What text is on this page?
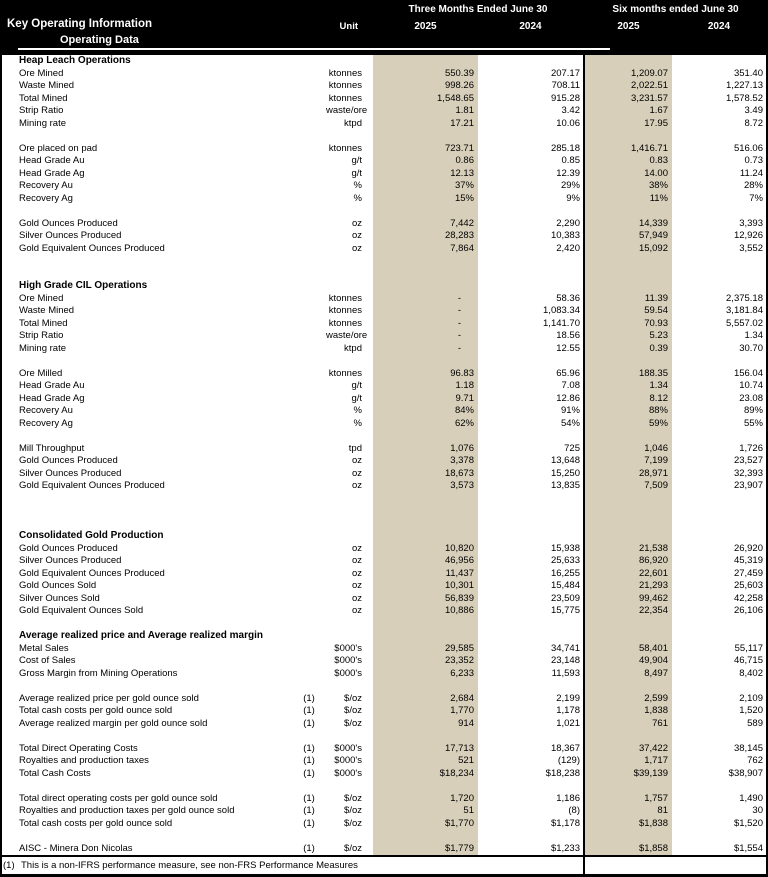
Key Operating Information
Operating Data
Unit
Three Months Ended June 30	Six months ended June 30
2025	2024	2025	2024
Heap Leach Operations
Ore Mined	ktonnes	550.39	207.17	1,209.07	351.40
Waste Mined	ktonnes	998.26	708.11	2,022.51	1,227.13
Total Mined	ktonnes	1,548.65	915.28	3,231.57	1,578.52
Strip Ratio	waste/ore	1.81	3.42	1.67	3.49
Mining rate	ktpd	17.21	10.06	17.95	8.72
Ore placed on pad	ktonnes	723.71	285.18	1,416.71	516.06
Head Grade Au	g/t	0.86	0.85	0.83	0.73
Head Grade Ag	g/t	12.13	12.39	14.00	11.24
Recovery Au	%	37%	29%	38%	28%
Recovery Ag	%	15%	9%	11%	7%
Gold Ounces Produced	oz	7,442	2,290	14,339	3,393
Silver Ounces Produced	oz	28,283	10,383	57,949	12,926
Gold Equivalent Ounces Produced	oz	7,864	2,420	15,092	3,552
High Grade CIL Operations
Ore Mined	ktonnes	-	58.36	11.39	2,375.18
Waste Mined	ktonnes	-	1,083.34	59.54	3,181.84
Total Mined	ktonnes	-	1,141.70	70.93	5,557.02
Strip Ratio	waste/ore	-	18.56	5.23	1.34
Mining rate	ktpd	-	12.55	0.39	30.70
Ore Milled	ktonnes	96.83	65.96	188.35	156.04
Head Grade Au	g/t	1.18	7.08	1.34	10.74
Head Grade Ag	g/t	9.71	12.86	8.12	23.08
Recovery Au	%	84%	91%	88%	89%
Recovery Ag	%	62%	54%	59%	55%
Mill Throughput	tpd	1,076	725	1,046	1,726
Gold Ounces Produced	oz	3,378	13,648	7,199	23,527
Silver Ounces Produced	oz	18,673	15,250	28,971	32,393
Gold Equivalent Ounces Produced	oz	3,573	13,835	7,509	23,907
Consolidated Gold Production
Gold Ounces Produced	oz	10,820	15,938	21,538	26,920
Silver Ounces Produced	oz	46,956	25,633	86,920	45,319
Gold Equivalent Ounces Produced	oz	11,437	16,255	22,601	27,459
Gold Ounces Sold	oz	10,301	15,484	21,293	25,603
Silver Ounces Sold	oz	56,839	23,509	99,462	42,258
Gold Equivalent Ounces Sold	oz	10,886	15,775	22,354	26,106
Average realized price and Average realized margin
Metal Sales	$000's	29,585	34,741	58,401	55,117
Cost of Sales	$000's	23,352	23,148	49,904	46,715
Gross Margin from Mining Operations	$000's	6,233	11,593	8,497	8,402
Average realized price per gold ounce sold	(1)	$/oz	2,684	2,199	2,599	2,109
Total cash costs per gold ounce sold	(1)	$/oz	1,770	1,178	1,838	1,520
Average realized margin per gold ounce sold	(1)	$/oz	914	1,021	761	589
Total Direct Operating Costs	(1)	$000's	17,713	18,367	37,422	38,145
Royalties and production taxes	(1)	$000's	521	(129)	1,717	762
Total Cash Costs	(1)	$000's	$18,234	$18,238	$39,139	$38,907
Total direct operating costs per gold ounce sold	(1)	$/oz	1,720	1,186	1,757	1,490
Royalties and production taxes per gold ounce sold	(1)	$/oz	51	(8)	81	30
Total cash costs per gold ounce sold	(1)	$/oz	$1,770	$1,178	$1,838	$1,520
AISC - Minera Don Nicolas	(1)	$/oz	$1,779	$1,233	$1,858	$1,554
(1) This is a non-IFRS performance measure, see non-FRS Performance Measures
